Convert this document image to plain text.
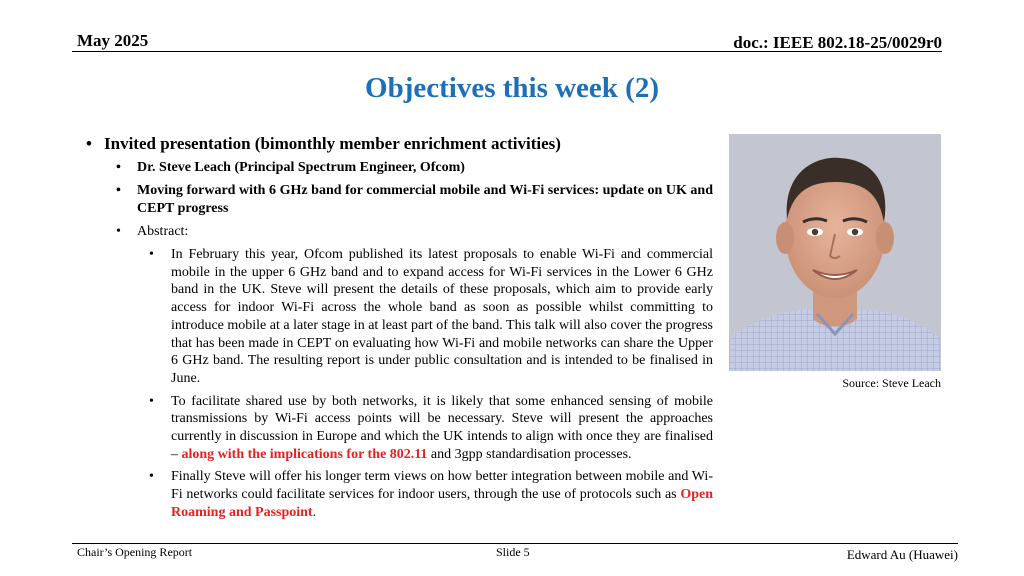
May 2025	doc.: IEEE 802.18-25/0029r0
Objectives this week (2)
• Invited presentation (bimonthly member enrichment activities)
•	Dr. Steve Leach (Principal Spectrum Engineer, Ofcom)
•	Moving forward with 6 GHz band for commercial mobile and Wi-Fi services: update on UK and CEPT progress
•	Abstract:
•	In February this year, Ofcom published its latest proposals to enable Wi-Fi and commercial mobile in the upper 6 GHz band and to expand access for Wi-Fi services in the Lower 6 GHz band in the UK. Steve will present the details of these proposals, which aim to provide early access for indoor Wi-Fi across the whole band as soon as possible whilst committing to introduce mobile at a later stage in at least part of the band. This talk will also cover the progress that has been made in CEPT on evaluating how Wi-Fi and mobile networks can share the Upper 6 GHz band. The resulting report is under public consultation and is intended to be finalised in June.
•	To facilitate shared use by both networks, it is likely that some enhanced sensing of mobile transmissions by Wi-Fi access points will be necessary. Steve will present the approaches currently in discussion in Europe and which the UK intends to align with once they are finalised – along with the implications for the 802.11 and 3gpp standardisation processes.
•	Finally Steve will offer his longer term views on how better integration between mobile and Wi-Fi networks could facilitate services for indoor users, through the use of protocols such as Open Roaming and Passpoint.
Source: Steve Leach
Chair’s Opening Report	Slide 5	Edward Au (Huawei)
